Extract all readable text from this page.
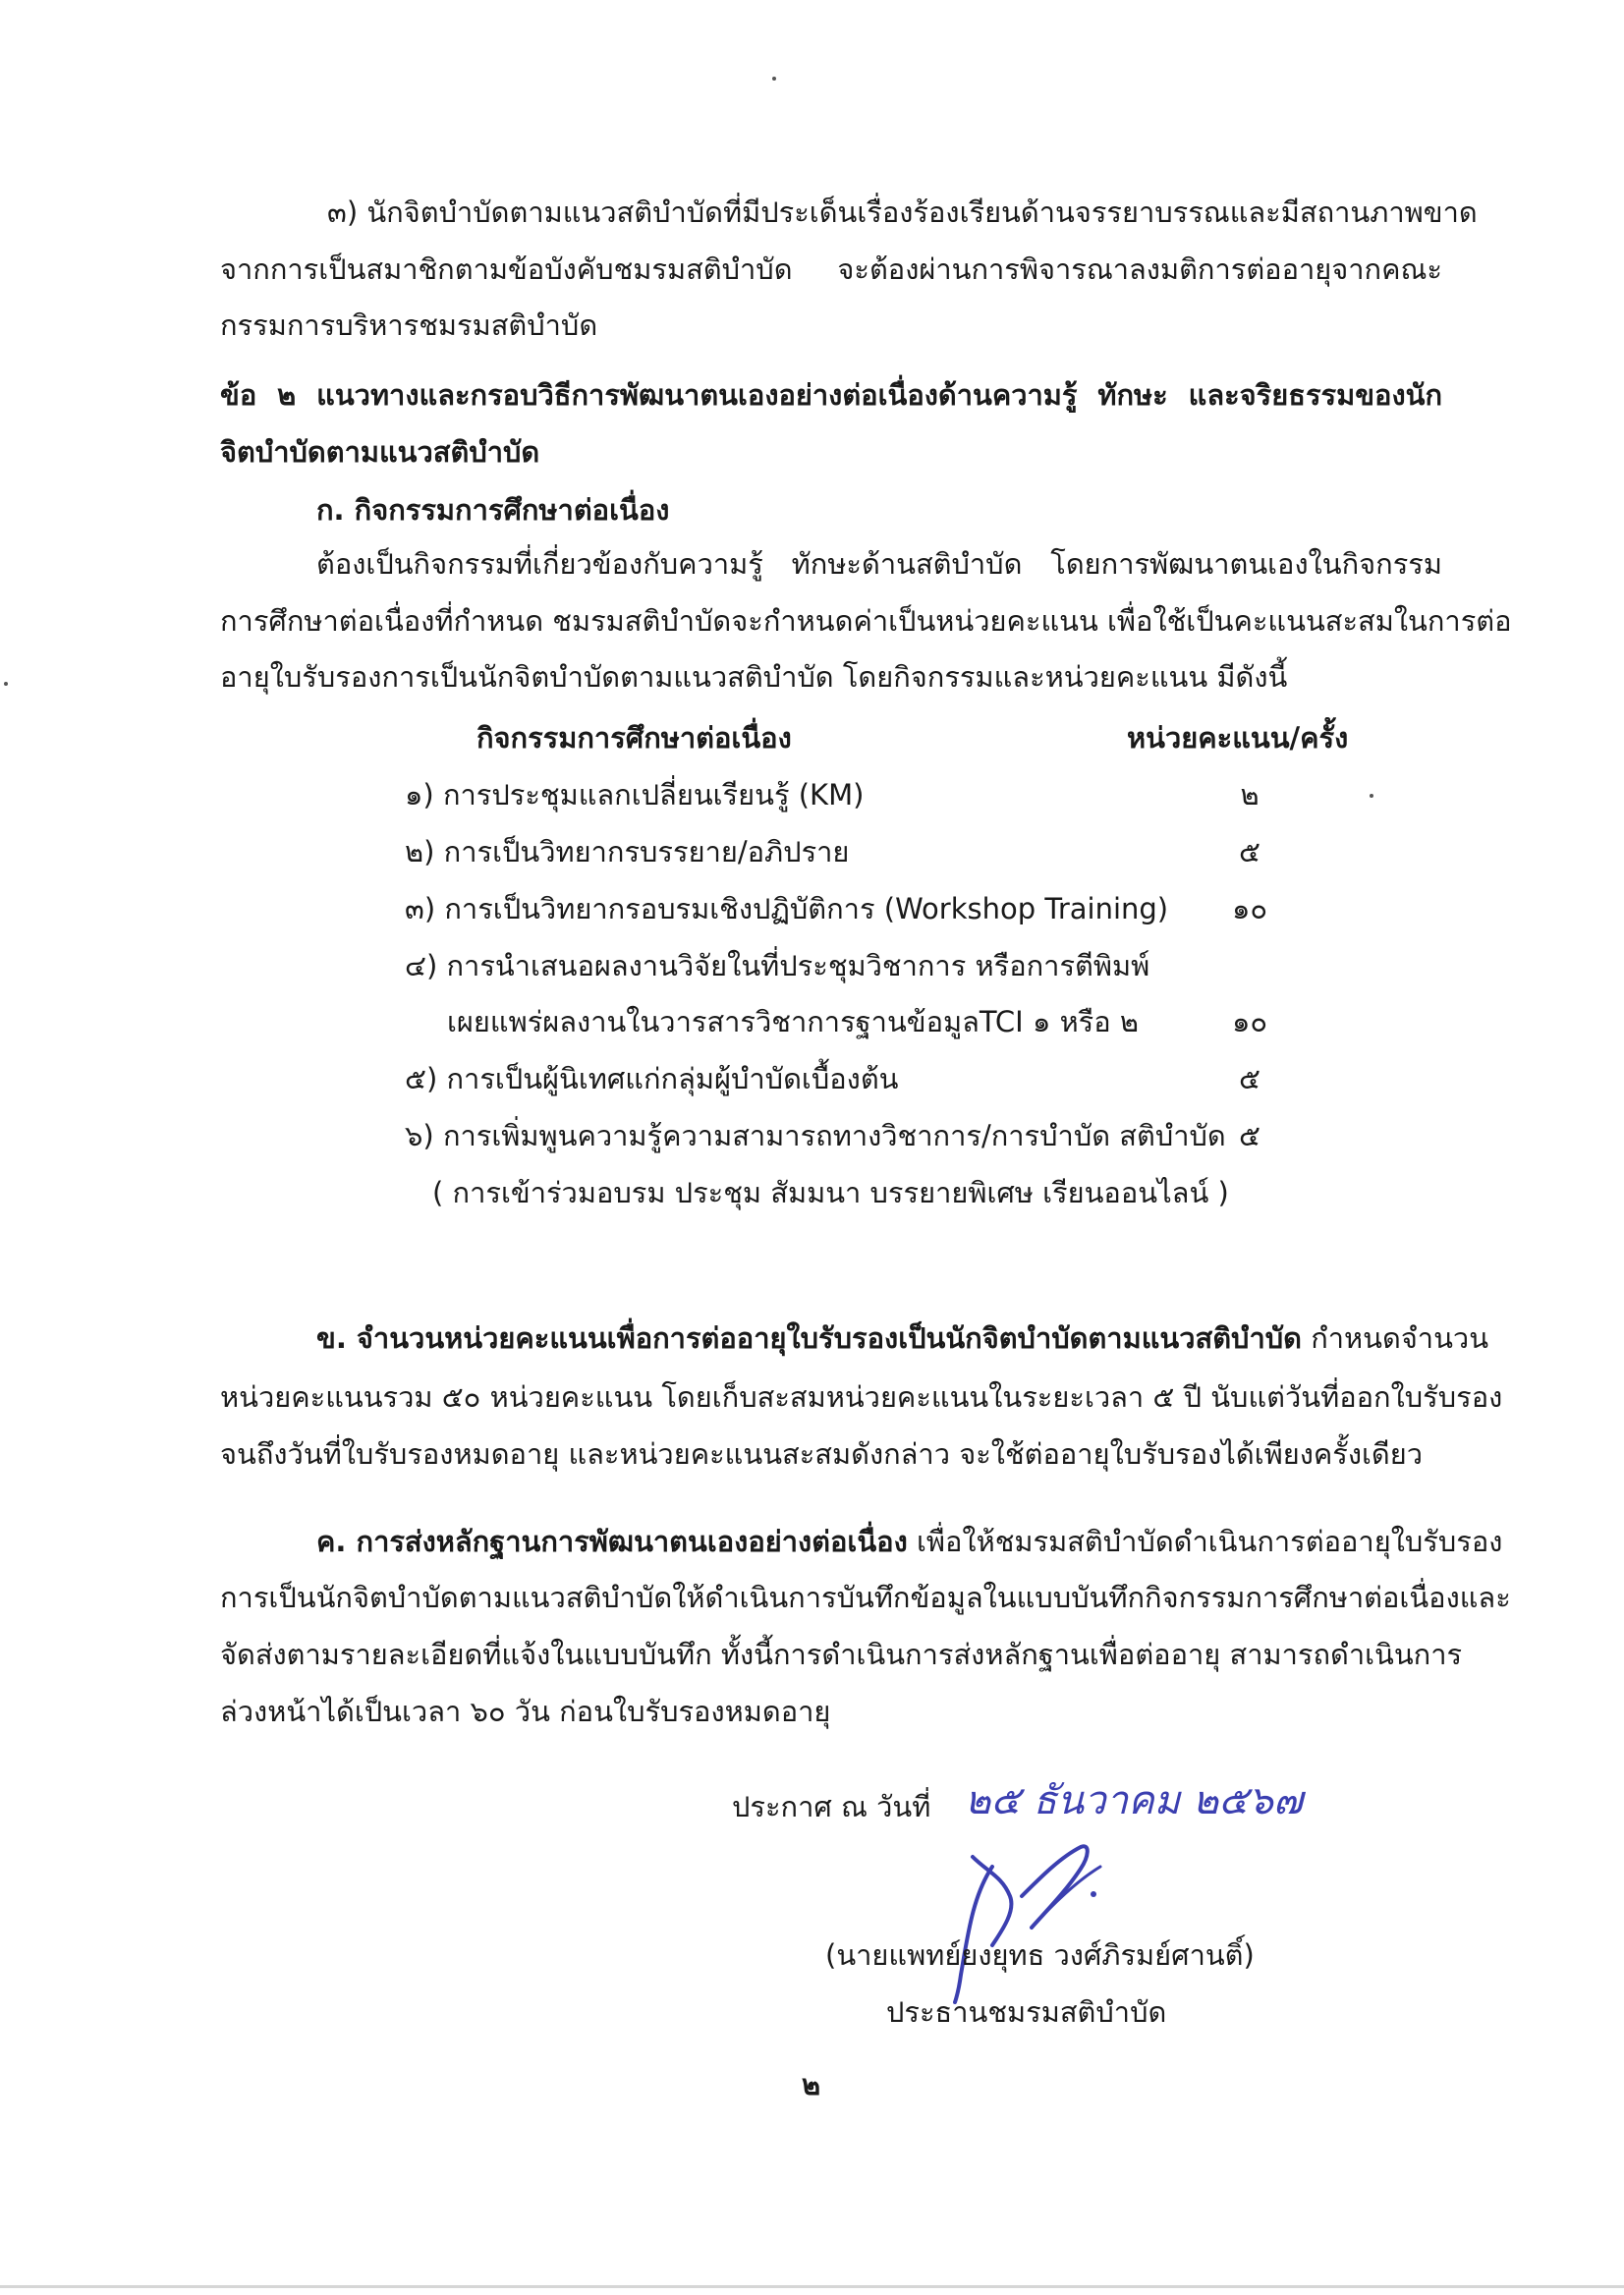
๓) นักจิตบำบัดตามแนวสติบำบัดที่มีประเด็นเรื่องร้องเรียนด้านจรรยาบรรณและมีสถานภาพขาด
จากการเป็นสมาชิกตามข้อบังคับชมรมสติบำบัด จะต้องผ่านการพิจารณาลงมติการต่ออายุจากคณะ
กรรมการบริหารชมรมสติบำบัด
ข้อ ๒ แนวทางและกรอบวิธีการพัฒนาตนเองอย่างต่อเนื่องด้านความรู้ ทักษะ และจริยธรรมของนัก
จิตบำบัดตามแนวสติบำบัด
ก. กิจกรรมการศึกษาต่อเนื่อง
ต้องเป็นกิจกรรมที่เกี่ยวข้องกับความรู้ ทักษะด้านสติบำบัด โดยการพัฒนาตนเองในกิจกรรม
การศึกษาต่อเนื่องที่กำหนด ชมรมสติบำบัดจะกำหนดค่าเป็นหน่วยคะแนน เพื่อใช้เป็นคะแนนสะสมในการต่อ
อายุใบรับรองการเป็นนักจิตบำบัดตามแนวสติบำบัด โดยกิจกรรมและหน่วยคะแนน มีดังนี้
กิจกรรมการศึกษาต่อเนื่อง	หน่วยคะแนน/ครั้ง
๑) การประชุมแลกเปลี่ยนเรียนรู้ (KM)	๒
๒) การเป็นวิทยากรบรรยาย/อภิปราย	๕
๓) การเป็นวิทยากรอบรมเชิงปฏิบัติการ (Workshop Training)	๑๐
๔) การนำเสนอผลงานวิจัยในที่ประชุมวิชาการ หรือการตีพิมพ์
เผยแพร่ผลงานในวารสารวิชาการฐานข้อมูลTCI ๑ หรือ ๒	๑๐
๕) การเป็นผู้นิเทศแก่กลุ่มผู้บำบัดเบื้องต้น	๕
๖) การเพิ่มพูนความรู้ความสามารถทางวิชาการ/การบำบัด สติบำบัด ๕
( การเข้าร่วมอบรม ประชุม สัมมนา บรรยายพิเศษ เรียนออนไลน์ )
ข. จำนวนหน่วยคะแนนเพื่อการต่ออายุใบรับรองเป็นนักจิตบำบัดตามแนวสติบำบัด กำหนดจำนวน
หน่วยคะแนนรวม ๕๐ หน่วยคะแนน โดยเก็บสะสมหน่วยคะแนนในระยะเวลา ๕ ปี นับแต่วันที่ออกใบรับรอง
จนถึงวันที่ใบรับรองหมดอายุ และหน่วยคะแนนสะสมดังกล่าว จะใช้ต่ออายุใบรับรองได้เพียงครั้งเดียว
ค. การส่งหลักฐานการพัฒนาตนเองอย่างต่อเนื่อง เพื่อให้ชมรมสติบำบัดดำเนินการต่ออายุใบรับรอง
การเป็นนักจิตบำบัดตามแนวสติบำบัดให้ดำเนินการบันทึกข้อมูลในแบบบันทึกกิจกรรมการศึกษาต่อเนื่องและ
จัดส่งตามรายละเอียดที่แจ้งในแบบบันทึก ทั้งนี้การดำเนินการส่งหลักฐานเพื่อต่ออายุ สามารถดำเนินการ
ล่วงหน้าได้เป็นเวลา ๖๐ วัน ก่อนใบรับรองหมดอายุ
ประกาศ ณ วันที่ ๒๕ ธันวาคม ๒๕๖๗
(นายแพทย์ยงยุทธ วงศ์ภิรมย์ศานติ์)
ประธานชมรมสติบำบัด
๒
